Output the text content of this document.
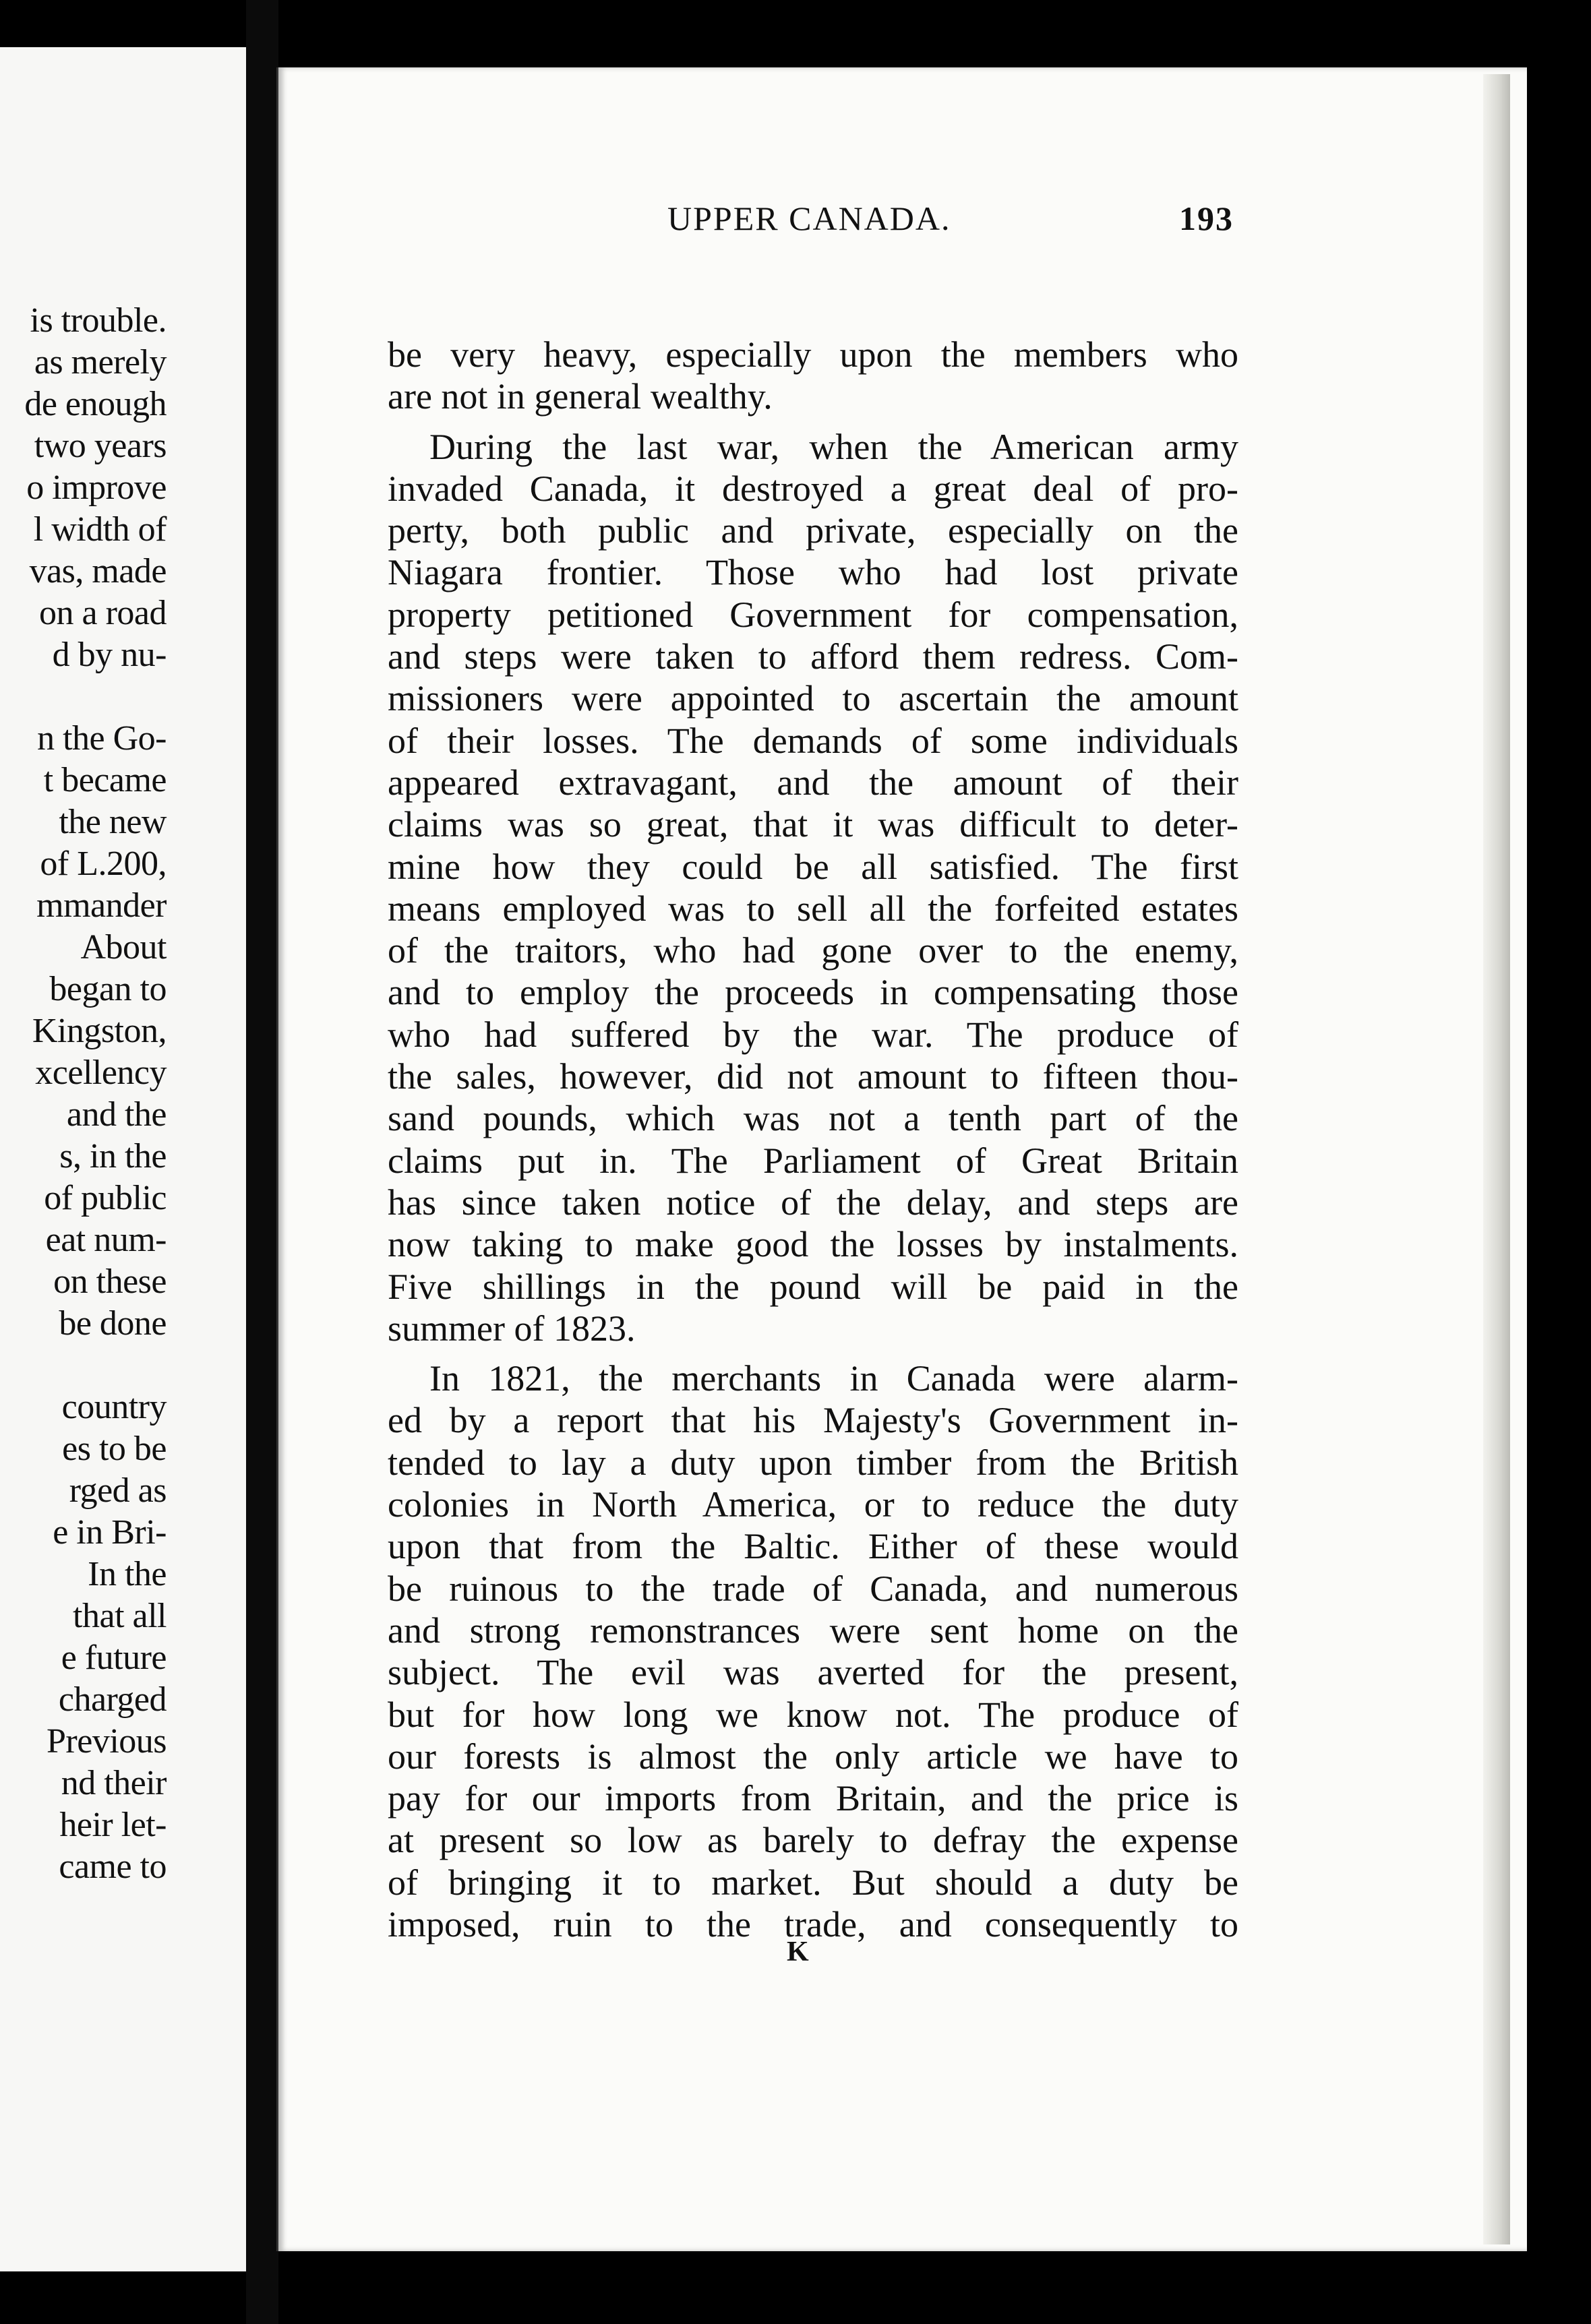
is trouble.
as merely
de enough
two years
o improve
l width of
vas, made
on a road
d by nu-
n the Go-
t became
the new
of L.200,
mmander
About
began to
Kingston,
xcellency
and the
s, in the
of public
eat num-
on these
be done
country
es to be
rged as
e in Bri-
In the
that all
e future
charged
Previous
nd their
heir let-
came to
UPPER CANADA.	193
be very heavy, especially upon the members who
are not in general wealthy.
During the last war, when the American army
invaded Canada, it destroyed a great deal of pro-
perty, both public and private, especially on the
Niagara frontier. Those who had lost private
property petitioned Government for compensation,
and steps were taken to afford them redress. Com-
missioners were appointed to ascertain the amount
of their losses. The demands of some individuals
appeared extravagant, and the amount of their
claims was so great, that it was difficult to deter-
mine how they could be all satisfied. The first
means employed was to sell all the forfeited estates
of the traitors, who had gone over to the enemy,
and to employ the proceeds in compensating those
who had suffered by the war. The produce of
the sales, however, did not amount to fifteen thou-
sand pounds, which was not a tenth part of the
claims put in. The Parliament of Great Britain
has since taken notice of the delay, and steps are
now taking to make good the losses by instalments.
Five shillings in the pound will be paid in the
summer of 1823.
In 1821, the merchants in Canada were alarm-
ed by a report that his Majesty's Government in-
tended to lay a duty upon timber from the British
colonies in North America, or to reduce the duty
upon that from the Baltic. Either of these would
be ruinous to the trade of Canada, and numerous
and strong remonstrances were sent home on the
subject. The evil was averted for the present,
but for how long we know not. The produce of
our forests is almost the only article we have to
pay for our imports from Britain, and the price is
at present so low as barely to defray the expense
of bringing it to market. But should a duty be
imposed, ruin to the trade, and consequently to
K
